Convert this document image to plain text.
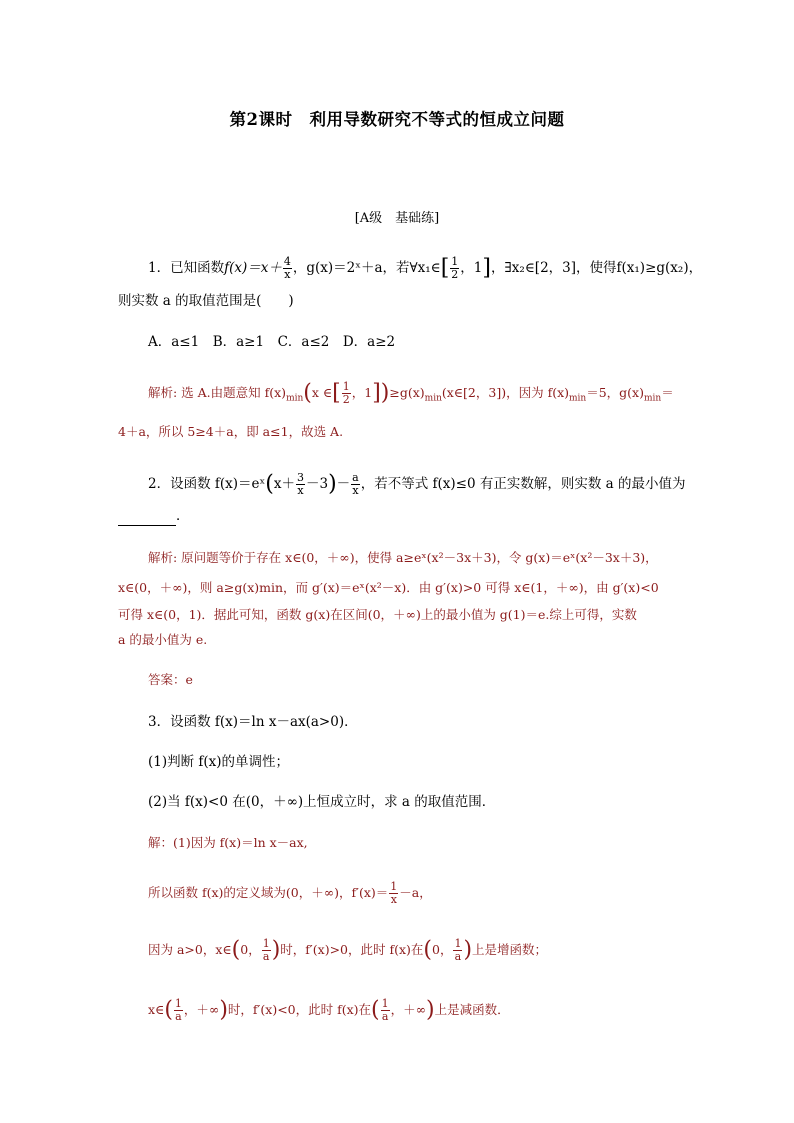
第2课时　利用导数研究不等式的恒成立问题
[A级　基础练]
1．已知函数$f(x)=x+ \frac{4}{x}$ ，g(x)＝2ˣ＋a，若∀x₁∈[ $\frac{1}{2}$ ，1]，∃x₂∈[2，3]，使得f(x₁)≥g(x₂)，
则实数 a 的取值范围是(　　)
A．a≤1　B．a≥1　C．a≤2　D．a≥2
解析: 选 A.由题意知 $f(x)_{min}(x$ ∈[ $\frac{1}{2}$ ，$1])\ge g(x)_{min}(x\in[2$，3])，因为 $f(x)_{min}=5$，$g(x)_{min}=$
4＋a，所以 5≥4＋a，即 a≤1，故选 A.
2．设函数 f(x)＝eˣ(x＋ $\frac{3}{x} -3)- \frac{a}{x}$ ，若不等式 f(x)≤0 有正实数解，则实数 a 的最小值为
．
解析: 原问题等价于存在 x∈(0，＋∞)，使得 a≥eˣ(x²－3x＋3)，令 g(x)＝eˣ(x²－3x＋3)，
x∈(0，＋∞)，则 a≥g(x)min，而 g′(x)＝eˣ(x²－x)．由 g′(x)>0 可得 x∈(1，＋∞)，由 g′(x)<0
可得 x∈(0，1)．据此可知，函数 g(x)在区间(0，＋∞)上的最小值为 g(1)＝e.综上可得，实数
a 的最小值为 e.
答案：e
3．设函数 f(x)＝ln x－ax(a>0)．
(1)判断 f(x)的单调性；
(2)当 f(x)<0 在(0，＋∞)上恒成立时，求 a 的取值范围．
解：(1)因为 f(x)＝ln x－ax,
所以函数 f(x)的定义域为(0，＋∞)，$f'(x)= \frac{1}{x} -a$，
因为 a>0，x∈(0， $\frac{1}{a}$ )时，f′(x)>0，此时 f(x)在(0， $\frac{1}{a}$ )上是增函数；
x∈( $\frac{1}{a}$ ，＋∞)时，f′(x)<0，此时 f(x)在( $\frac{1}{a}$ ，＋∞)上是减函数．
